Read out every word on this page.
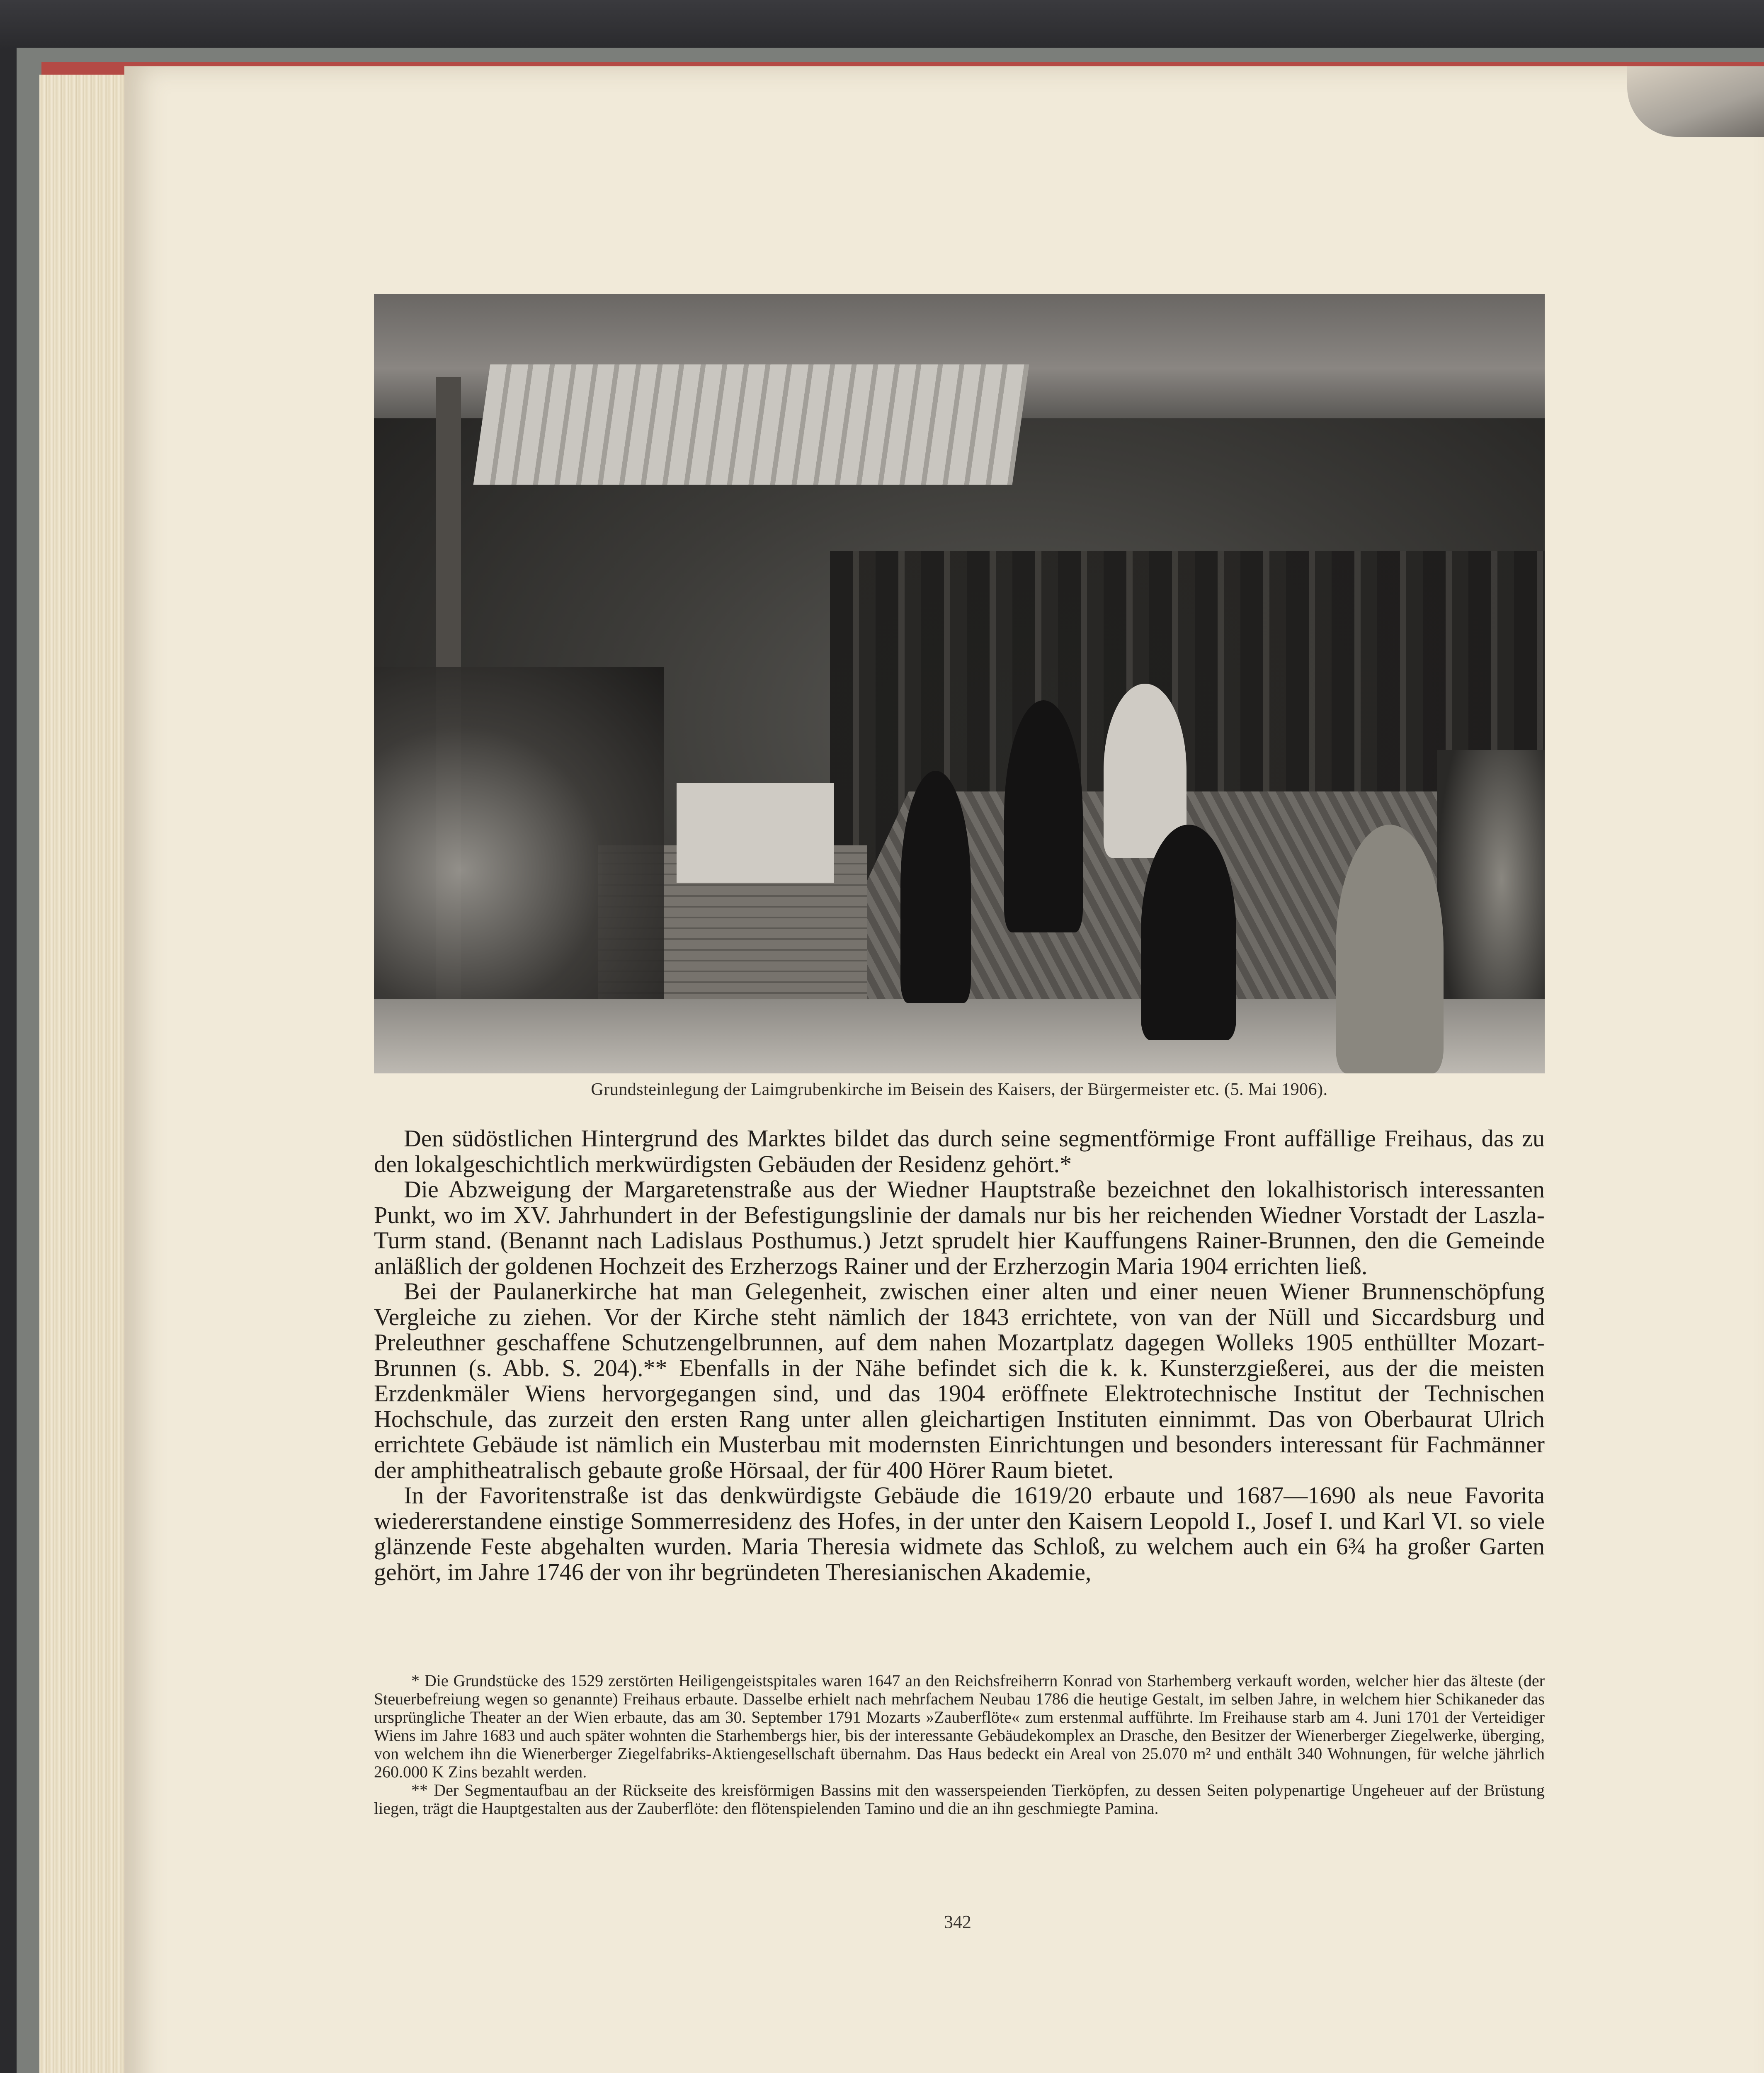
Grundsteinlegung der Laimgrubenkirche im Beisein des Kaisers, der Bürgermeister etc. (5. Mai 1906).

Den südöstlichen Hintergrund des Marktes bildet das durch seine segmentförmige Front auffällige Freihaus, das zu den lokalgeschichtlich merkwürdigsten Gebäuden der Residenz gehört.*

Die Abzweigung der Margaretenstraße aus der Wiedner Hauptstraße bezeichnet den lokalhistorisch interessanten Punkt, wo im XV. Jahrhundert in der Befestigungslinie der damals nur bis her reichenden Wiedner Vorstadt der Laszla-Turm stand. (Benannt nach Ladislaus Posthumus.) Jetzt sprudelt hier Kauffungens Rainer-Brunnen, den die Gemeinde anläßlich der goldenen Hochzeit des Erzherzogs Rainer und der Erzherzogin Maria 1904 errichten ließ.

Bei der Paulanerkirche hat man Gelegenheit, zwischen einer alten und einer neuen Wiener Brunnenschöpfung Vergleiche zu ziehen. Vor der Kirche steht nämlich der 1843 errichtete, von van der Nüll und Siccardsburg und Preleuthner geschaffene Schutzengelbrunnen, auf dem nahen Mozartplatz dagegen Wolleks 1905 enthüllter Mozart-Brunnen (s. Abb. S. 204).** Ebenfalls in der Nähe befindet sich die k. k. Kunsterzgießerei, aus der die meisten Erzdenkmäler Wiens hervorgegangen sind, und das 1904 eröffnete Elektrotechnische Institut der Technischen Hochschule, das zurzeit den ersten Rang unter allen gleichartigen Instituten einnimmt. Das von Oberbaurat Ulrich errichtete Gebäude ist nämlich ein Musterbau mit modernsten Einrichtungen und besonders interessant für Fachmänner der amphitheatralisch gebaute große Hörsaal, der für 400 Hörer Raum bietet.

In der Favoritenstraße ist das denkwürdigste Gebäude die 1619/20 erbaute und 1687—1690 als neue Favorita wiedererstandene einstige Sommerresidenz des Hofes, in der unter den Kaisern Leopold I., Josef I. und Karl VI. so viele glänzende Feste abgehalten wurden. Maria Theresia widmete das Schloß, zu welchem auch ein 6¾ ha großer Garten gehört, im Jahre 1746 der von ihr begründeten Theresianischen Akademie,

* Die Grundstücke des 1529 zerstörten Heiligengeistspitales waren 1647 an den Reichsfreiherrn Konrad von Starhemberg verkauft worden, welcher hier das älteste (der Steuerbefreiung wegen so genannte) Freihaus erbaute. Dasselbe erhielt nach mehrfachem Neubau 1786 die heutige Gestalt, im selben Jahre, in welchem hier Schikaneder das ursprüngliche Theater an der Wien erbaute, das am 30. September 1791 Mozarts »Zauberflöte« zum erstenmal aufführte. Im Freihause starb am 4. Juni 1701 der Verteidiger Wiens im Jahre 1683 und auch später wohnten die Starhembergs hier, bis der interessante Gebäudekomplex an Drasche, den Besitzer der Wienerberger Ziegelwerke, überging, von welchem ihn die Wienerberger Ziegelfabriks-Aktiengesellschaft übernahm. Das Haus bedeckt ein Areal von 25.070 m² und enthält 340 Wohnungen, für welche jährlich 260.000 K Zins bezahlt werden.

** Der Segmentaufbau an der Rückseite des kreisförmigen Bassins mit den wasserspeienden Tierköpfen, zu dessen Seiten polypenartige Ungeheuer auf der Brüstung liegen, trägt die Hauptgestalten aus der Zauberflöte: den flötenspielenden Tamino und die an ihn geschmiegte Pamina.

342
